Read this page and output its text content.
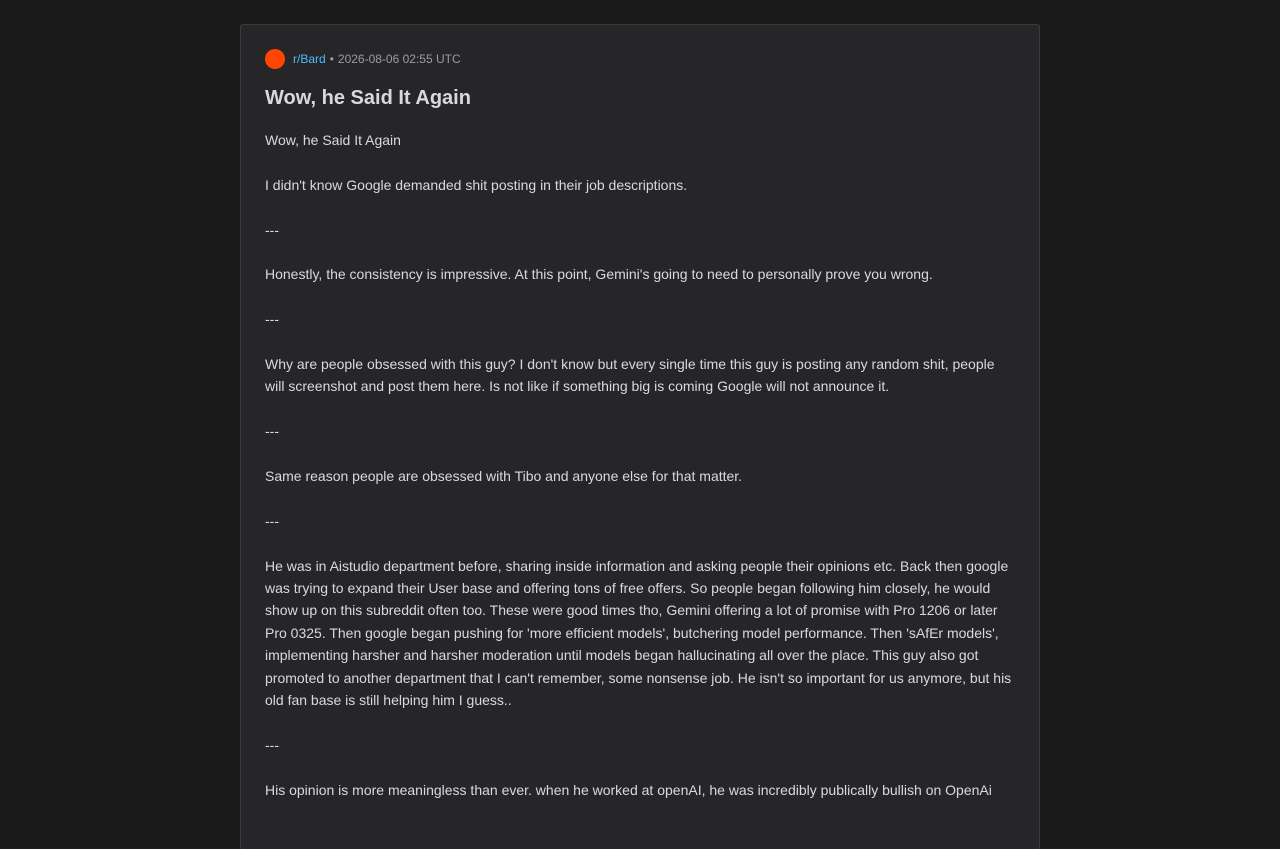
r/Bard • 2026-08-06 02:55 UTC
Wow, he Said It Again

Wow, he Said It Again

I didn't know Google demanded shit posting in their job descriptions.

---

Honestly, the consistency is impressive. At this point, Gemini's going to need to personally prove you wrong.

---

Why are people obsessed with this guy? I don't know but every single time this guy is posting any random shit, people will screenshot and post them here. Is not like if something big is coming Google will not announce it.

---

Same reason people are obsessed with Tibo and anyone else for that matter.

---

He was in Aistudio department before, sharing inside information and asking people their opinions etc. Back then google was trying to expand their User base and offering tons of free offers. So people began following him closely, he would show up on this subreddit often too. These were good times tho, Gemini offering a lot of promise with Pro 1206 or later Pro 0325. Then google began pushing for 'more efficient models', butchering model performance. Then 'sAfEr models', implementing harsher and harsher moderation until models began hallucinating all over the place. This guy also got promoted to another department that I can't remember, some nonsense job. He isn't so important for us anymore, but his old fan base is still helping him I guess..

---

His opinion is more meaningless than ever. when he worked at openAI, he was incredibly publically bullish on OpenAi
